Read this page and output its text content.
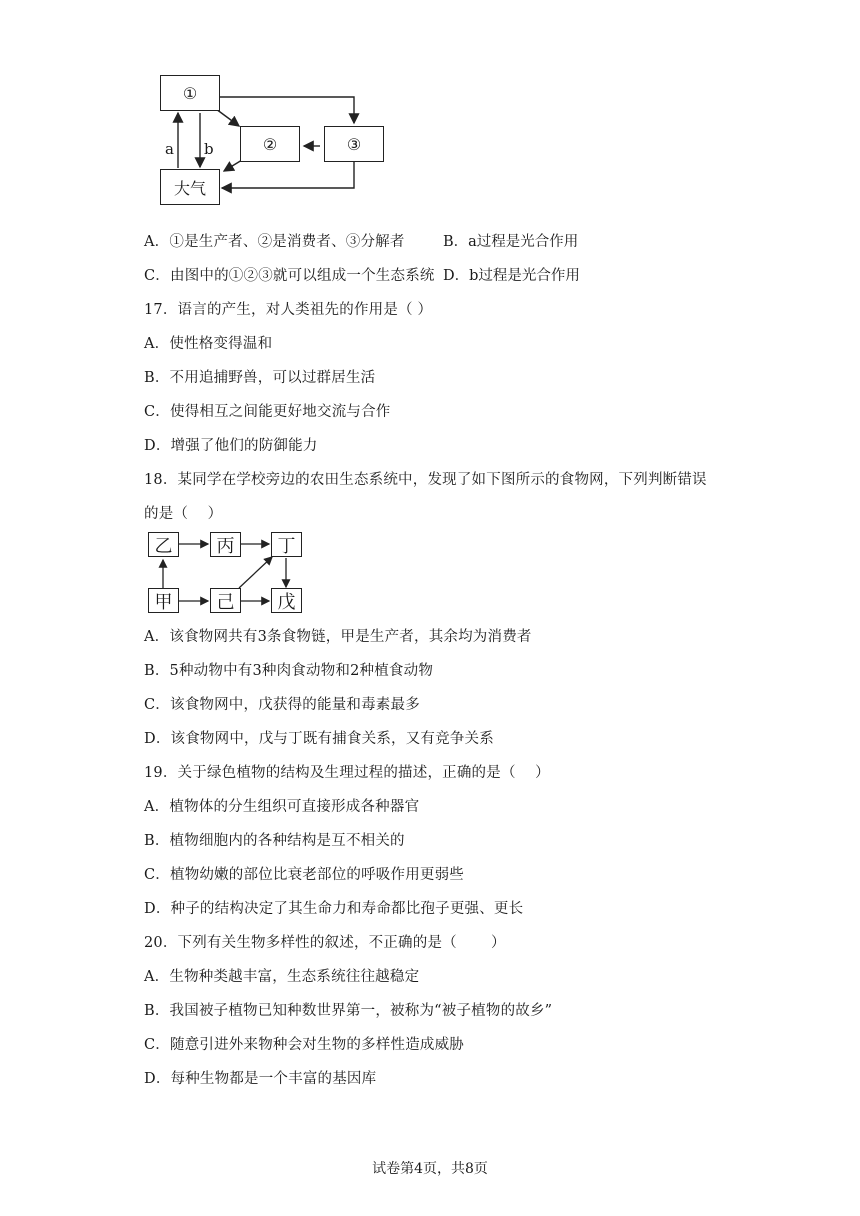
①
②	③
大气
a b
A．①是生产者、②是消费者、③分解者	B．a过程是光合作用
C．由图中的①②③就可以组成一个生态系统 D．b过程是光合作用
17．语言的产生，对人类祖先的作用是（ ）
A．使性格变得温和
B．不用追捕野兽，可以过群居生活
C．使得相互之间能更好地交流与合作
D．增强了他们的防御能力
18．某同学在学校旁边的农田生态系统中，发现了如下图所示的食物网，下列判断错误
的是（　 ）
乙	丙	丁
甲	己	戊
A．该食物网共有3条食物链，甲是生产者，其余均为消费者
B．5种动物中有3种肉食动物和2种植食动物
C．该食物网中，戊获得的能量和毒素最多
D．该食物网中，戊与丁既有捕食关系，又有竞争关系
19．关于绿色植物的结构及生理过程的描述，正确的是（　 ）
A．植物体的分生组织可直接形成各种器官
B．植物细胞内的各种结构是互不相关的
C．植物幼嫩的部位比衰老部位的呼吸作用更弱些
D．种子的结构决定了其生命力和寿命都比孢子更强、更长
20．下列有关生物多样性的叙述，不正确的是（　　 ）
A．生物种类越丰富，生态系统往往越稳定
B．我国被子植物已知种数世界第一，被称为“被子植物的故乡”
C．随意引进外来物种会对生物的多样性造成威胁
D．每种生物都是一个丰富的基因库
试卷第4页，共8页
